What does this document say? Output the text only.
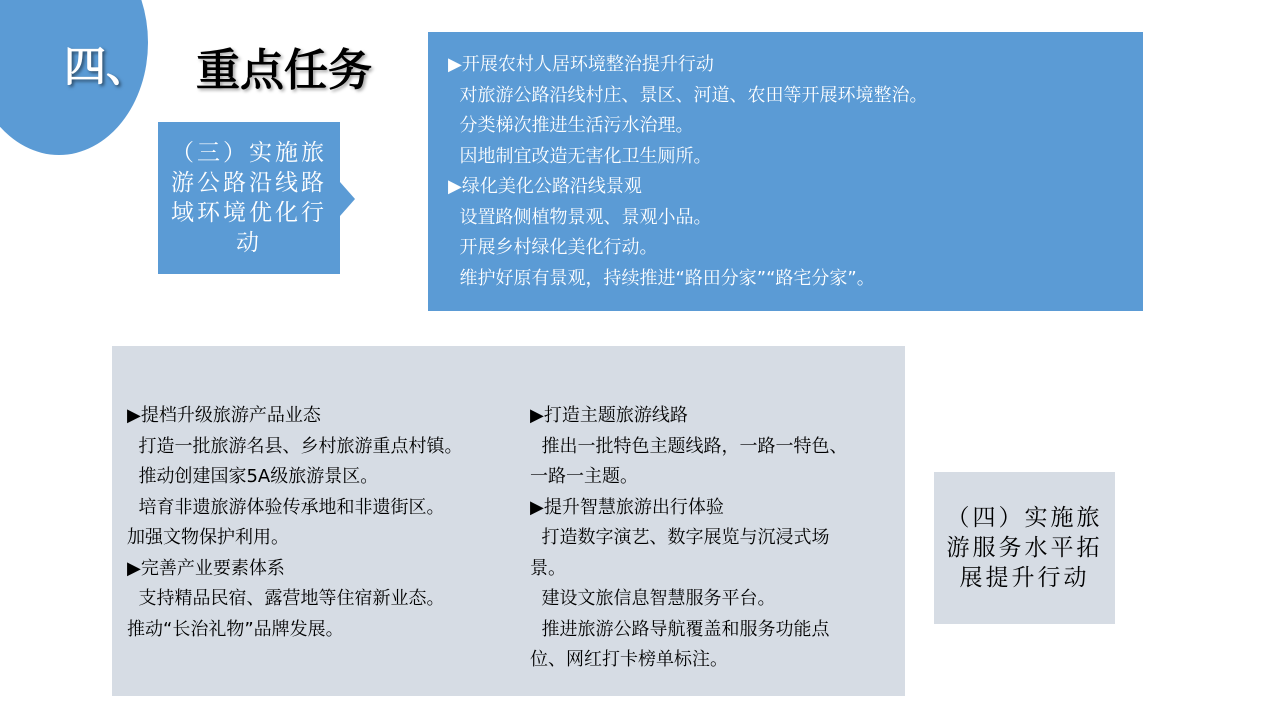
四、 重点任务
（三）实施旅游公路沿线路域环境优化行动
▶开展农村人居环境整治提升行动
对旅游公路沿线村庄、景区、河道、农田等开展环境整治。
分类梯次推进生活污水治理。
因地制宜改造无害化卫生厕所。
▶绿化美化公路沿线景观
设置路侧植物景观、景观小品。
开展乡村绿化美化行动。
维护好原有景观，持续推进“路田分家”“路宅分家”。
▶提档升级旅游产品业态
打造一批旅游名县、乡村旅游重点村镇。
推动创建国家5A级旅游景区。
培育非遗旅游体验传承地和非遗街区。
加强文物保护利用。
▶完善产业要素体系
支持精品民宿、露营地等住宿新业态。
推动“长治礼物”品牌发展。
▶打造主题旅游线路
推出一批特色主题线路，一路一特色、
一路一主题。
▶提升智慧旅游出行体验
打造数字演艺、数字展览与沉浸式场
景。
建设文旅信息智慧服务平台。
推进旅游公路导航覆盖和服务功能点
位、网红打卡榜单标注。
（四）实施旅游服务水平拓展提升行动
